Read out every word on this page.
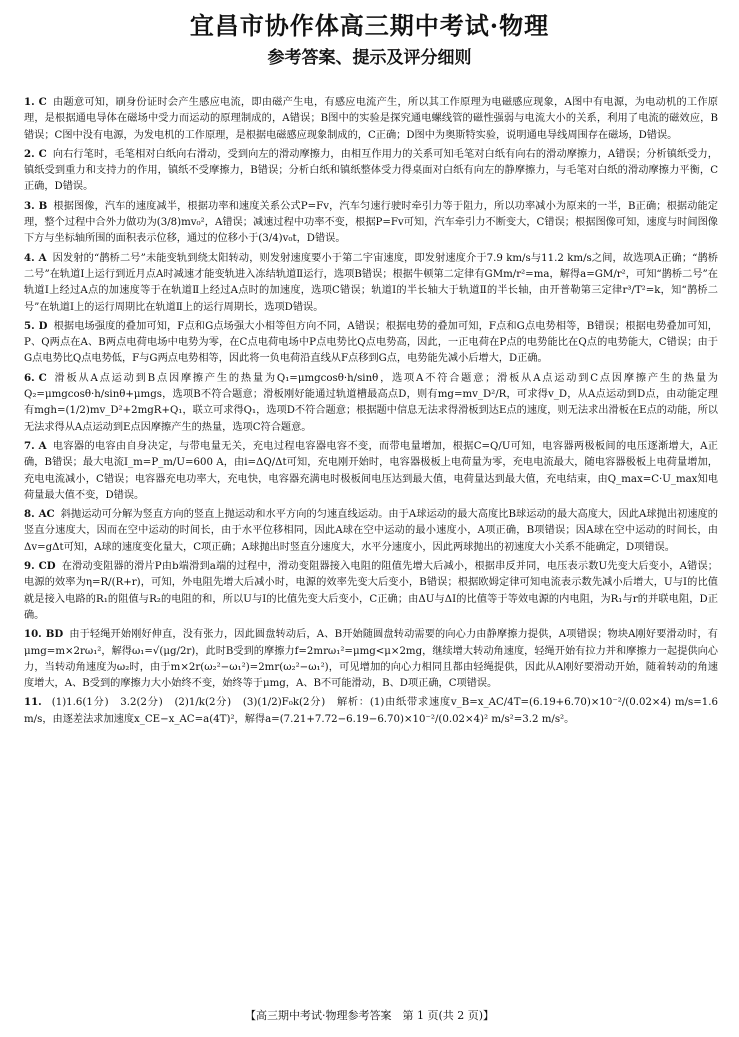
宜昌市协作体高三期中考试·物理
参考答案、提示及评分细则
1. C 由题意可知，刷身份证时会产生感应电流，即由磁产生电，有感应电流产生，所以其工作原理为电磁感应现象，A图中有电源，为电动机的工作原理，是根据通电导体在磁场中受力而运动的原理制成的，A错误；B图中的实验是探究通电螺线管的磁性强弱与电流大小的关系，利用了电流的磁效应，B错误；C图中没有电源，为发电机的工作原理，是根据电磁感应现象制成的，C正确；D图中为奥斯特实验，说明通电导线周围存在磁场，D错误。
2. C 向右行笔时，毛笔相对白纸向右滑动，受到向左的滑动摩擦力，由相互作用力的关系可知毛笔对白纸有向右的滑动摩擦力，A错误；分析镇纸受力，镇纸受到重力和支持力的作用，镇纸不受摩擦力，B错误；分析白纸和镇纸整体受力得桌面对白纸有向左的静摩擦力，与毛笔对白纸的滑动摩擦力平衡，C正确，D错误。
3. B 根据图像，汽车的速度减半，根据功率和速度关系公式P=Fv，汽车匀速行驶时牵引力等于阻力，所以功率减小为原来的一半，B正确；根据动能定理，整个过程中合外力做功为(3/8)mv₀²，A错误；减速过程中功率不变，根据P=Fv可知，汽车牵引力不断变大，C错误；根据图像可知，速度与时间图像下方与坐标轴所围的面积表示位移，通过的位移小于(3/4)v₀t，D错误。
4. A 因发射的“鹊桥二号”未能变轨到绕太阳转动，则发射速度要小于第二宇宙速度，即发射速度介于7.9 km/s与11.2 km/s之间，故选项A正确；“鹊桥二号”在轨道Ⅰ上运行到近月点A时减速才能变轨进入冻结轨道Ⅱ运行，选项B错误；根据牛顿第二定律有GMm/r²=ma，解得a=GM/r²，可知“鹊桥二号”在轨道Ⅰ上经过A点的加速度等于在轨道Ⅱ上经过A点时的加速度，选项C错误；轨道Ⅰ的半长轴大于轨道Ⅱ的半长轴，由开普勒第三定律r³/T²=k，知“鹊桥二号”在轨道Ⅰ上的运行周期比在轨道Ⅱ上的运行周期长，选项D错误。
5. D 根据电场强度的叠加可知，F点和G点场强大小相等但方向不同，A错误；根据电势的叠加可知，F点和G点电势相等，B错误；根据电势叠加可知，P、Q两点在A、B两点电荷电场中电势为零，在C点电荷电场中P点电势比Q点电势高，因此，一正电荷在P点的电势能比在Q点的电势能大，C错误；由于G点电势比Q点电势低，F与G两点电势相等，因此将一负电荷沿直线从F点移到G点，电势能先减小后增大，D正确。
6. C 滑板从A点运动到B点因摩擦产生的热量为Q₁=μmgcosθ·h/sinθ，选项A不符合题意；滑板从A点运动到C点因摩擦产生的热量为Q₂=μmgcosθ·h/sinθ+μmgs，选项B不符合题意；滑板刚好能通过轨道槽最高点D，则有mg=mv_D²/R，可求得v_D，从A点运动到D点，由动能定理有mgh=(1/2)mv_D²+2mgR+Q₁，联立可求得Q₁，选项D不符合题意；根据题中信息无法求得滑板到达E点的速度，则无法求出滑板在E点的动能，所以无法求得从A点运动到E点因摩擦产生的热量，选项C符合题意。
7. A 电容器的电容由自身决定，与带电量无关，充电过程电容器电容不变，而带电量增加，根据C=Q/U可知，电容器两极板间的电压逐渐增大，A正确，B错误；最大电流I_m=P_m/U=600 A，由i=ΔQ/Δt可知，充电刚开始时，电容器极板上电荷量为零，充电电流最大，随电容器极板上电荷量增加，充电电流减小，C错误；电容器充电功率大，充电快，电容器充满电时极板间电压达到最大值，电荷量达到最大值，充电结束，由Q_max=C·U_max知电荷量最大值不变，D错误。
8. AC 斜抛运动可分解为竖直方向的竖直上抛运动和水平方向的匀速直线运动。由于A球运动的最大高度比B球运动的最大高度大，因此A球抛出初速度的竖直分速度大，因而在空中运动的时间长，由于水平位移相同，因此A球在空中运动的最小速度小，A项正确，B项错误；因A球在空中运动的时间长，由Δv=gΔt可知，A球的速度变化量大，C项正确；A球抛出时竖直分速度大，水平分速度小，因此两球抛出的初速度大小关系不能确定，D项错误。
9. CD 在滑动变阻器的滑片P由b端滑到a端的过程中，滑动变阻器接入电阻的阻值先增大后减小，根据串反并同，电压表示数U先变大后变小，A错误；电源的效率为η=R/(R+r)，可知，外电阻先增大后减小时，电源的效率先变大后变小，B错误；根据欧姆定律可知电流表示数先减小后增大，U与I的比值就是接入电路的R₁的阻值与R₂的电阻的和，所以U与I的比值先变大后变小，C正确；由ΔU与ΔI的比值等于等效电源的内电阻，为R₁与r的并联电阻，D正确。
10. BD 由于轻绳开始刚好伸直，没有张力，因此圆盘转动后，A、B开始随圆盘转动需要的向心力由静摩擦力提供，A项错误；物块A刚好要滑动时，有μmg=m×2rω₁²，解得ω₁=√(μg/2r)，此时B受到的摩擦力f=2mrω₁²=μmg<μ×2mg，继续增大转动角速度，轻绳开始有拉力并和摩擦力一起提供向心力，当转动角速度为ω₂时，由于m×2r(ω₂²−ω₁²)=2mr(ω₂²−ω₁²)，可见增加的向心力相同且都由轻绳提供，因此从A刚好要滑动开始，随着转动的角速度增大，A、B受到的摩擦力大小始终不变，始终等于μmg，A、B不可能滑动，B、D项正确，C项错误。
11. (1)1.6(1分)　3.2(2分)　(2)1/k(2分)　(3)(1/2)F₀k(2分)　解析：(1)由纸带求速度v_B=x_AC/4T=(6.19+6.70)×10⁻²/(0.02×4) m/s=1.6 m/s，由逐差法求加速度x_CE−x_AC=a(4T)²，解得a=(7.21+7.72−6.19−6.70)×10⁻²/(0.02×4)² m/s²=3.2 m/s²。
【高三期中考试·物理参考答案　第 1 页(共 2 页)】
